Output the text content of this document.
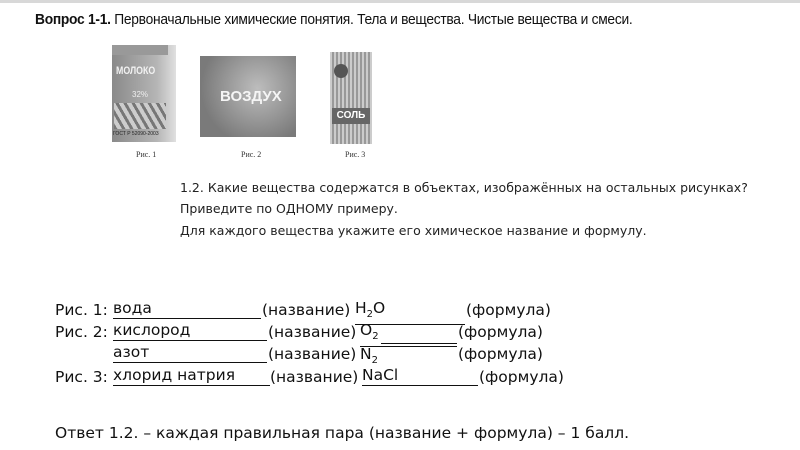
Вопрос 1-1. Первоначальные химические понятия. Тела и вещества. Чистые вещества и смеси.
МОЛОКО
32%
ГОСТ Р 52090-2003
Рис. 1
ВОЗДУХ
Рис. 2
СОЛЬ
Рис. 3
1.2. Какие вещества содержатся в объектах, изображённых на остальных рисунках?
Приведите по ОДНОМУ примеру.
Для каждого вещества укажите его химическое название и формулу.
Рис. 1: вода	(название) $H_2O$	(формула)
Рис. 2: кислород	(название) $O_2$	(формула)
азот	(название) $N_2$	(формула)
Рис. 3: хлорид натрия	(название) NaCl	(формула)
Ответ 1.2. – каждая правильная пара (название + формула) – 1 балл.
